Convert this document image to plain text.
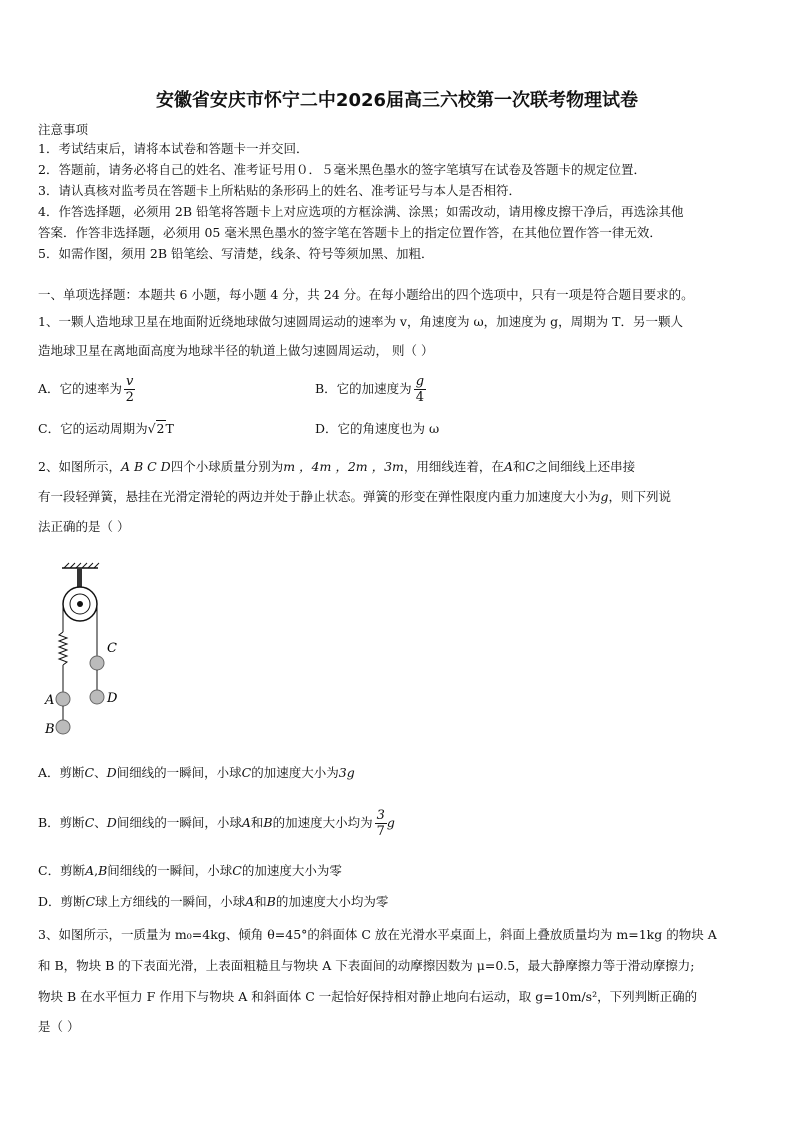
安徽省安庆市怀宁二中2026届高三六校第一次联考物理试卷
注意事项
1．考试结束后，请将本试卷和答题卡一并交回．
2．答题前，请务必将自己的姓名、准考证号用０．５毫米黑色墨水的签字笔填写在试卷及答题卡的规定位置．
3．请认真核对监考员在答题卡上所粘贴的条形码上的姓名、准考证号与本人是否相符．
4．作答选择题，必须用 2B 铅笔将答题卡上对应选项的方框涂满、涂黑；如需改动，请用橡皮擦干净后，再选涂其他
答案．作答非选择题，必须用 05 毫米黑色墨水的签字笔在答题卡上的指定位置作答，在其他位置作答一律无效．
5．如需作图，须用 2B 铅笔绘、写清楚，线条、符号等须加黑、加粗．
一、单项选择题：本题共 6 小题，每小题 4 分，共 24 分。在每小题给出的四个选项中，只有一项是符合题目要求的。
1、一颗人造地球卫星在地面附近绕地球做匀速圆周运动的速率为 v，角速度为 ω，加速度为 g，周期为 T．另一颗人
造地球卫星在离地面高度为地球半径的轨道上做匀速圆周运动， 则（ ）
A．它的速率为 $\frac{v}{2}$	B．它的加速度为 $\frac{g}{4}$
C．它的运动周期为√2T	D．它的角速度也为 ω
2、如图所示，A B C D四个小球质量分别为m ，4m ，2m ，3m，用细线连着，在A和C之间细线上还串接
有一段轻弹簧，悬挂在光滑定滑轮的两边并处于静止状态。弹簧的形变在弹性限度内重力加速度大小为g，则下列说
法正确的是（ ）
A
B
C
D
A．剪断C、D间细线的一瞬间，小球C的加速度大小为3g
B．剪断C、D间细线的一瞬间，小球A和B的加速度大小均为 $\frac{3}{7}$ g
C．剪断A,B间细线的一瞬间，小球C的加速度大小为零
D．剪断C球上方细线的一瞬间，小球A和B的加速度大小均为零
3、如图所示，一质量为 m₀=4kg、倾角 θ=45°的斜面体 C 放在光滑水平桌面上，斜面上叠放质量均为 m=1kg 的物块 A
和 B，物块 B 的下表面光滑，上表面粗糙且与物块 A 下表面间的动摩擦因数为 μ=0.5，最大静摩擦力等于滑动摩擦力;
物块 B 在水平恒力 F 作用下与物块 A 和斜面体 C 一起恰好保持相对静止地向右运动，取 g=10m/s²，下列判断正确的
是（ ）
